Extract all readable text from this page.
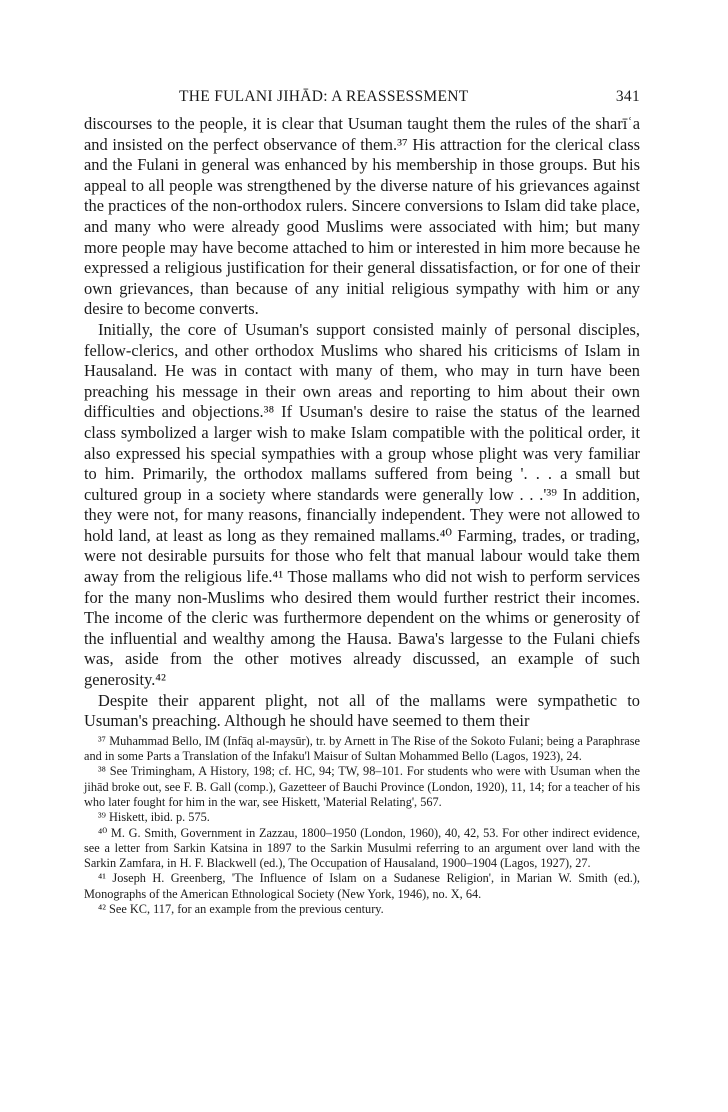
THE FULANI JIHĀD: A REASSESSMENT	341

discourses to the people, it is clear that Usuman taught them the rules of the sharīʿa and insisted on the perfect observance of them.³⁷ His attraction for the clerical class and the Fulani in general was enhanced by his membership in those groups. But his appeal to all people was strengthened by the diverse nature of his grievances against the practices of the non-orthodox rulers. Sincere conversions to Islam did take place, and many who were already good Muslims were associated with him; but many more people may have become attached to him or interested in him more because he expressed a religious justification for their general dissatisfaction, or for one of their own grievances, than because of any initial religious sympathy with him or any desire to become converts.

Initially, the core of Usuman's support consisted mainly of personal disciples, fellow-clerics, and other orthodox Muslims who shared his criticisms of Islam in Hausaland. He was in contact with many of them, who may in turn have been preaching his message in their own areas and reporting to him about their own difficulties and objections.³⁸ If Usuman's desire to raise the status of the learned class symbolized a larger wish to make Islam compatible with the political order, it also expressed his special sympathies with a group whose plight was very familiar to him. Primarily, the orthodox mallams suffered from being '. . . a small but cultured group in a society where standards were generally low . . .'³⁹ In addition, they were not, for many reasons, financially independent. They were not allowed to hold land, at least as long as they remained mallams.⁴⁰ Farming, trades, or trading, were not desirable pursuits for those who felt that manual labour would take them away from the religious life.⁴¹ Those mallams who did not wish to perform services for the many non-Muslims who desired them would further restrict their incomes. The income of the cleric was furthermore dependent on the whims or generosity of the influential and wealthy among the Hausa. Bawa's largesse to the Fulani chiefs was, aside from the other motives already discussed, an example of such generosity.⁴²

Despite their apparent plight, not all of the mallams were sympathetic to Usuman's preaching. Although he should have seemed to them their

³⁷ Muhammad Bello, IM (Infāq al-maysūr), tr. by Arnett in The Rise of the Sokoto Fulani; being a Paraphrase and in some Parts a Translation of the Infaku'l Maisur of Sultan Mohammed Bello (Lagos, 1923), 24.

³⁸ See Trimingham, A History, 198; cf. HC, 94; TW, 98–101. For students who were with Usuman when the jihād broke out, see F. B. Gall (comp.), Gazetteer of Bauchi Province (London, 1920), 11, 14; for a teacher of his who later fought for him in the war, see Hiskett, 'Material Relating', 567.

³⁹ Hiskett, ibid. p. 575.

⁴⁰ M. G. Smith, Government in Zazzau, 1800–1950 (London, 1960), 40, 42, 53. For other indirect evidence, see a letter from Sarkin Katsina in 1897 to the Sarkin Musulmi referring to an argument over land with the Sarkin Zamfara, in H. F. Blackwell (ed.), The Occupation of Hausaland, 1900–1904 (Lagos, 1927), 27.

⁴¹ Joseph H. Greenberg, 'The Influence of Islam on a Sudanese Religion', in Marian W. Smith (ed.), Monographs of the American Ethnological Society (New York, 1946), no. X, 64.

⁴² See KC, 117, for an example from the previous century.
